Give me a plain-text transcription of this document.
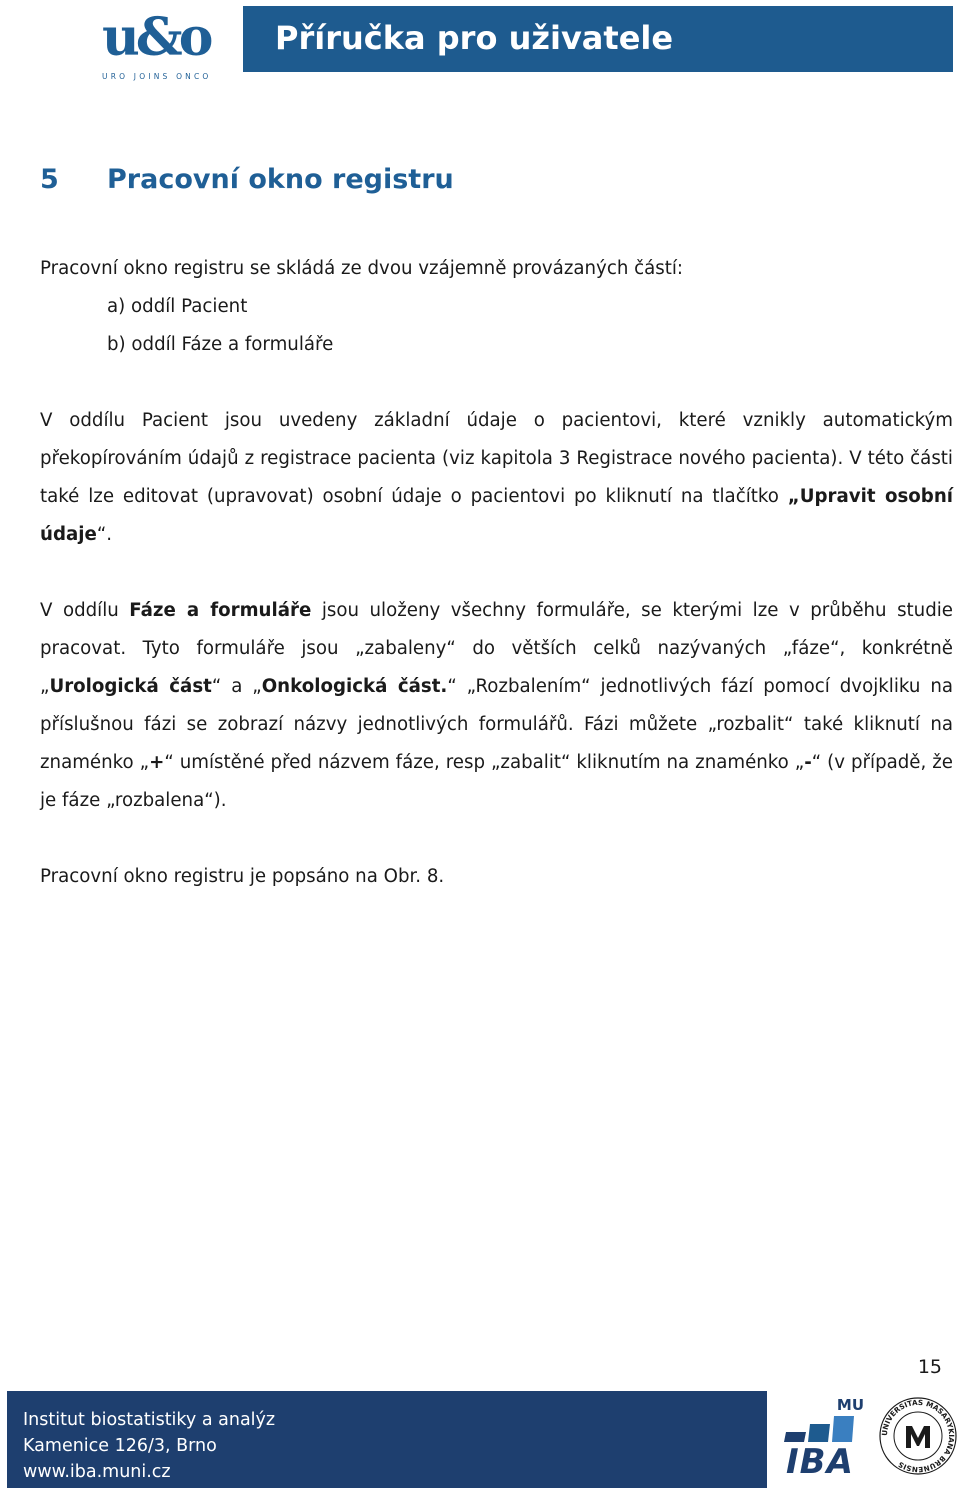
u&o
URO JOINS ONCO
Příručka pro uživatele
5 Pracovní okno registru
Pracovní okno registru se skládá ze dvou vzájemně provázaných částí:
a) oddíl Pacient
b) oddíl Fáze a formuláře
V oddílu Pacient jsou uvedeny základní údaje o pacientovi, které vznikly automatickým překopírováním údajů z registrace pacienta (viz kapitola 3 Registrace nového pacienta). V této části také lze editovat (upravovat) osobní údaje o pacientovi po kliknutí na tlačítko „Upravit osobní údaje“.
V oddílu Fáze a formuláře jsou uloženy všechny formuláře, se kterými lze v průběhu studie pracovat. Tyto formuláře jsou „zabaleny“ do větších celků nazývaných „fáze“, konkrétně „Urologická část“ a „Onkologická část.“ „Rozbalením“ jednotlivých fází pomocí dvojkliku na příslušnou fázi se zobrazí názvy jednotlivých formulářů. Fázi můžete „rozbalit“ také kliknutí na znaménko „+“ umístěné před názvem fáze, resp „zabalit“ kliknutím na znaménko „-“ (v případě, že je fáze „rozbalena“).
Pracovní okno registru je popsáno na Obr. 8.
15
Institut biostatistiky a analýz
Kamenice 126/3, Brno
www.iba.muni.cz
MU
IBA
UNIVERSITAS MASARYKIANA BRUNENSIS
